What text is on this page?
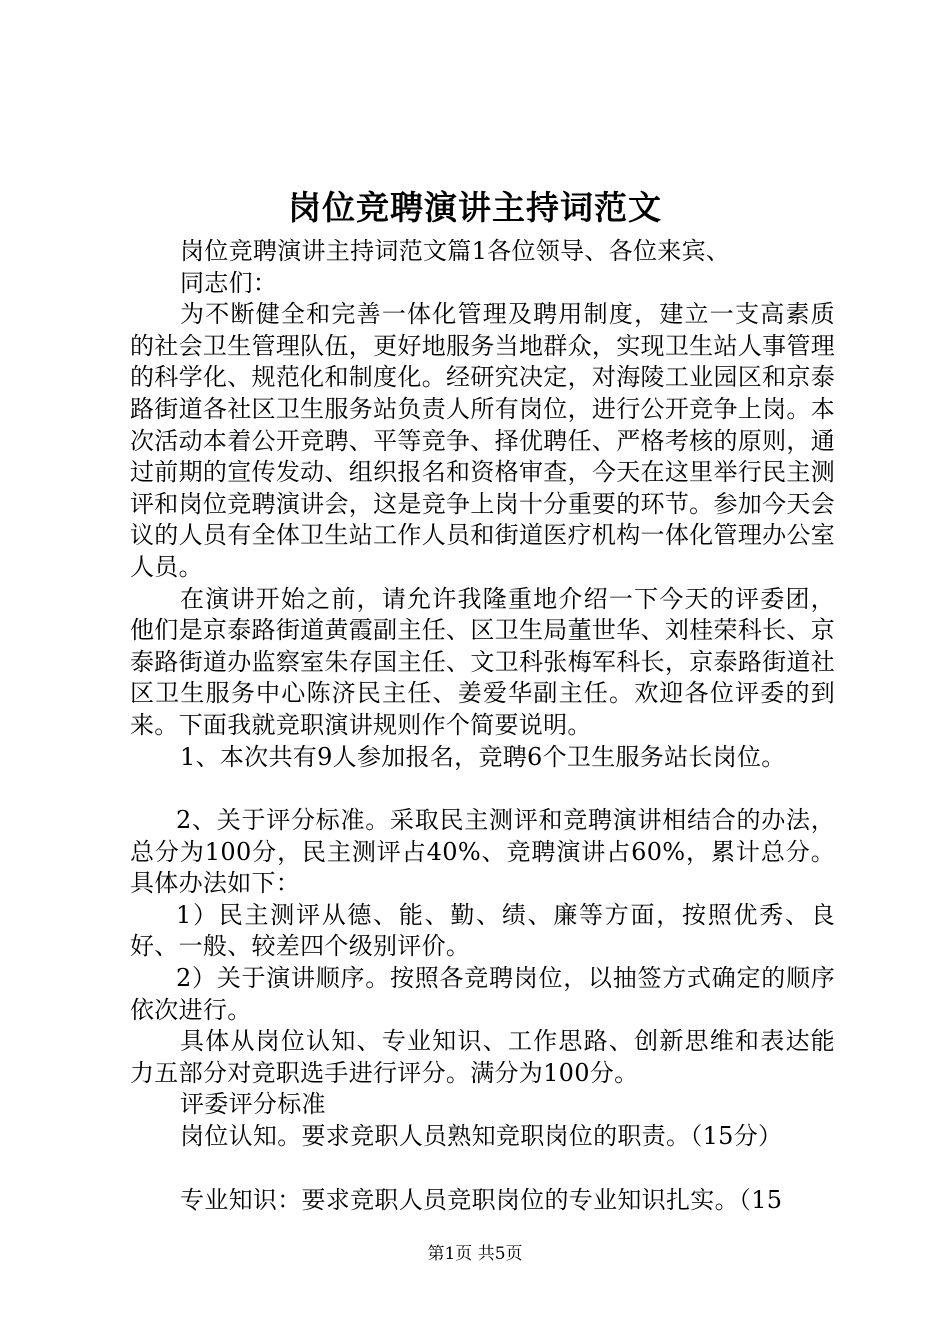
岗位竞聘演讲主持词范文

岗位竞聘演讲主持词范文篇1各位领导、各位来宾、

同志们：

为不断健全和完善一体化管理及聘用制度，建立一支高素质的社会卫生管理队伍，更好地服务当地群众，实现卫生站人事管理的科学化、规范化和制度化。经研究决定，对海陵工业园区和京泰路街道各社区卫生服务站负责人所有岗位，进行公开竞争上岗。本次活动本着公开竞聘、平等竞争、择优聘任、严格考核的原则，通过前期的宣传发动、组织报名和资格审查，今天在这里举行民主测评和岗位竞聘演讲会，这是竞争上岗十分重要的环节。参加今天会议的人员有全体卫生站工作人员和街道医疗机构一体化管理办公室人员。

在演讲开始之前，请允许我隆重地介绍一下今天的评委团，他们是京泰路街道黄霞副主任、区卫生局董世华、刘桂荣科长、京泰路街道办监察室朱存国主任、文卫科张梅军科长，京泰路街道社区卫生服务中心陈济民主任、姜爱华副主任。欢迎各位评委的到来。下面我就竞职演讲规则作个简要说明。

1、本次共有9人参加报名，竞聘6个卫生服务站长岗位。

2、关于评分标准。采取民主测评和竞聘演讲相结合的办法，总分为100分，民主测评占40%、竞聘演讲占60%，累计总分。具体办法如下：

1）民主测评从德、能、勤、绩、廉等方面，按照优秀、良好、一般、较差四个级别评价。

2）关于演讲顺序。按照各竞聘岗位，以抽签方式确定的顺序依次进行。

具体从岗位认知、专业知识、工作思路、创新思维和表达能力五部分对竞职选手进行评分。满分为100分。

评委评分标准

岗位认知。要求竞职人员熟知竞职岗位的职责。（15分）

专业知识：要求竞职人员竞职岗位的专业知识扎实。（15

第1页 共5页
